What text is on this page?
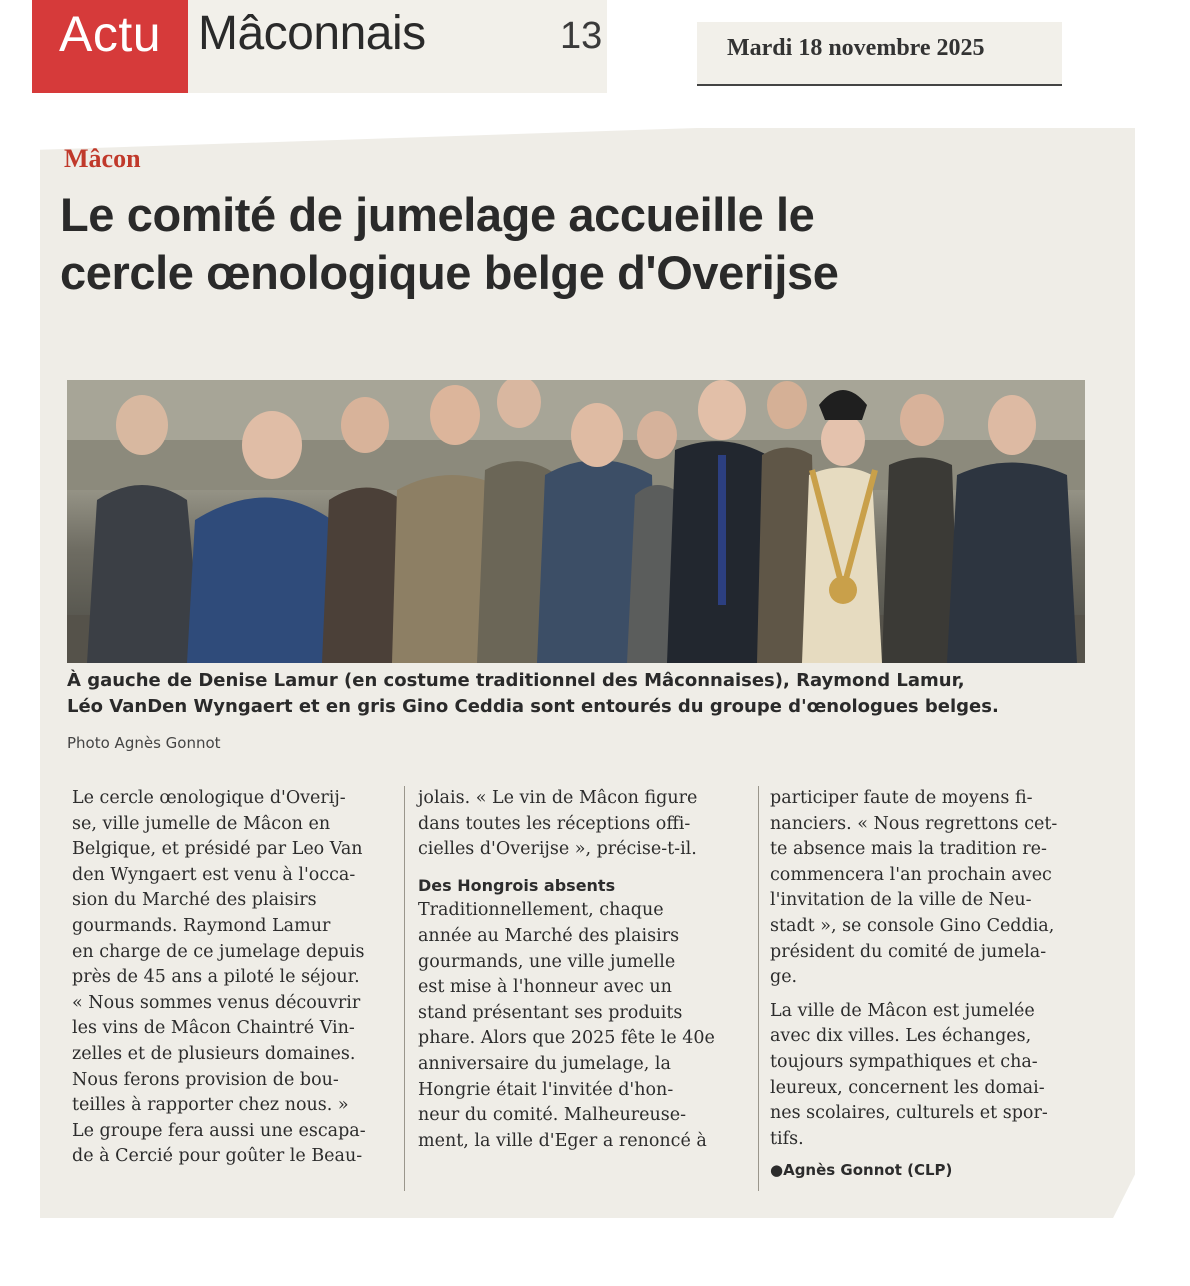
Actu Mâconnais	13	Mardi 18 novembre 2025
Mâcon
Le comité de jumelage accueille le
cercle œnologique belge d'Overijse
À gauche de Denise Lamur (en costume traditionnel des Mâconnaises), Raymond Lamur,
Léo VanDen Wyngaert et en gris Gino Ceddia sont entourés du groupe d'œnologues belges.
Photo Agnès Gonnot
Le cercle œnologique d'Overij-
se, ville jumelle de Mâcon en
Belgique, et présidé par Leo Van
den Wyngaert est venu à l'occa-
sion du Marché des plaisirs
gourmands. Raymond Lamur
en charge de ce jumelage depuis
près de 45 ans a piloté le séjour.
« Nous sommes venus découvrir
les vins de Mâcon Chaintré Vin-
zelles et de plusieurs domaines.
Nous ferons provision de bou-
teilles à rapporter chez nous. »
Le groupe fera aussi une escapa-
de à Cercié pour goûter le Beau-
jolais. « Le vin de Mâcon figure
dans toutes les réceptions offi-
cielles d'Overijse », précise-t-il.
Des Hongrois absents
Traditionnellement, chaque
année au Marché des plaisirs
gourmands, une ville jumelle
est mise à l'honneur avec un
stand présentant ses produits
phare. Alors que 2025 fête le 40e
anniversaire du jumelage, la
Hongrie était l'invitée d'hon-
neur du comité. Malheureuse-
ment, la ville d'Eger a renoncé à
participer faute de moyens fi-
nanciers. « Nous regrettons cet-
te absence mais la tradition re-
commencera l'an prochain avec
l'invitation de la ville de Neu-
stadt », se console Gino Ceddia,
président du comité de jumela-
ge.
La ville de Mâcon est jumelée
avec dix villes. Les échanges,
toujours sympathiques et cha-
leureux, concernent les domai-
nes scolaires, culturels et spor-
tifs.
●Agnès Gonnot (CLP)
